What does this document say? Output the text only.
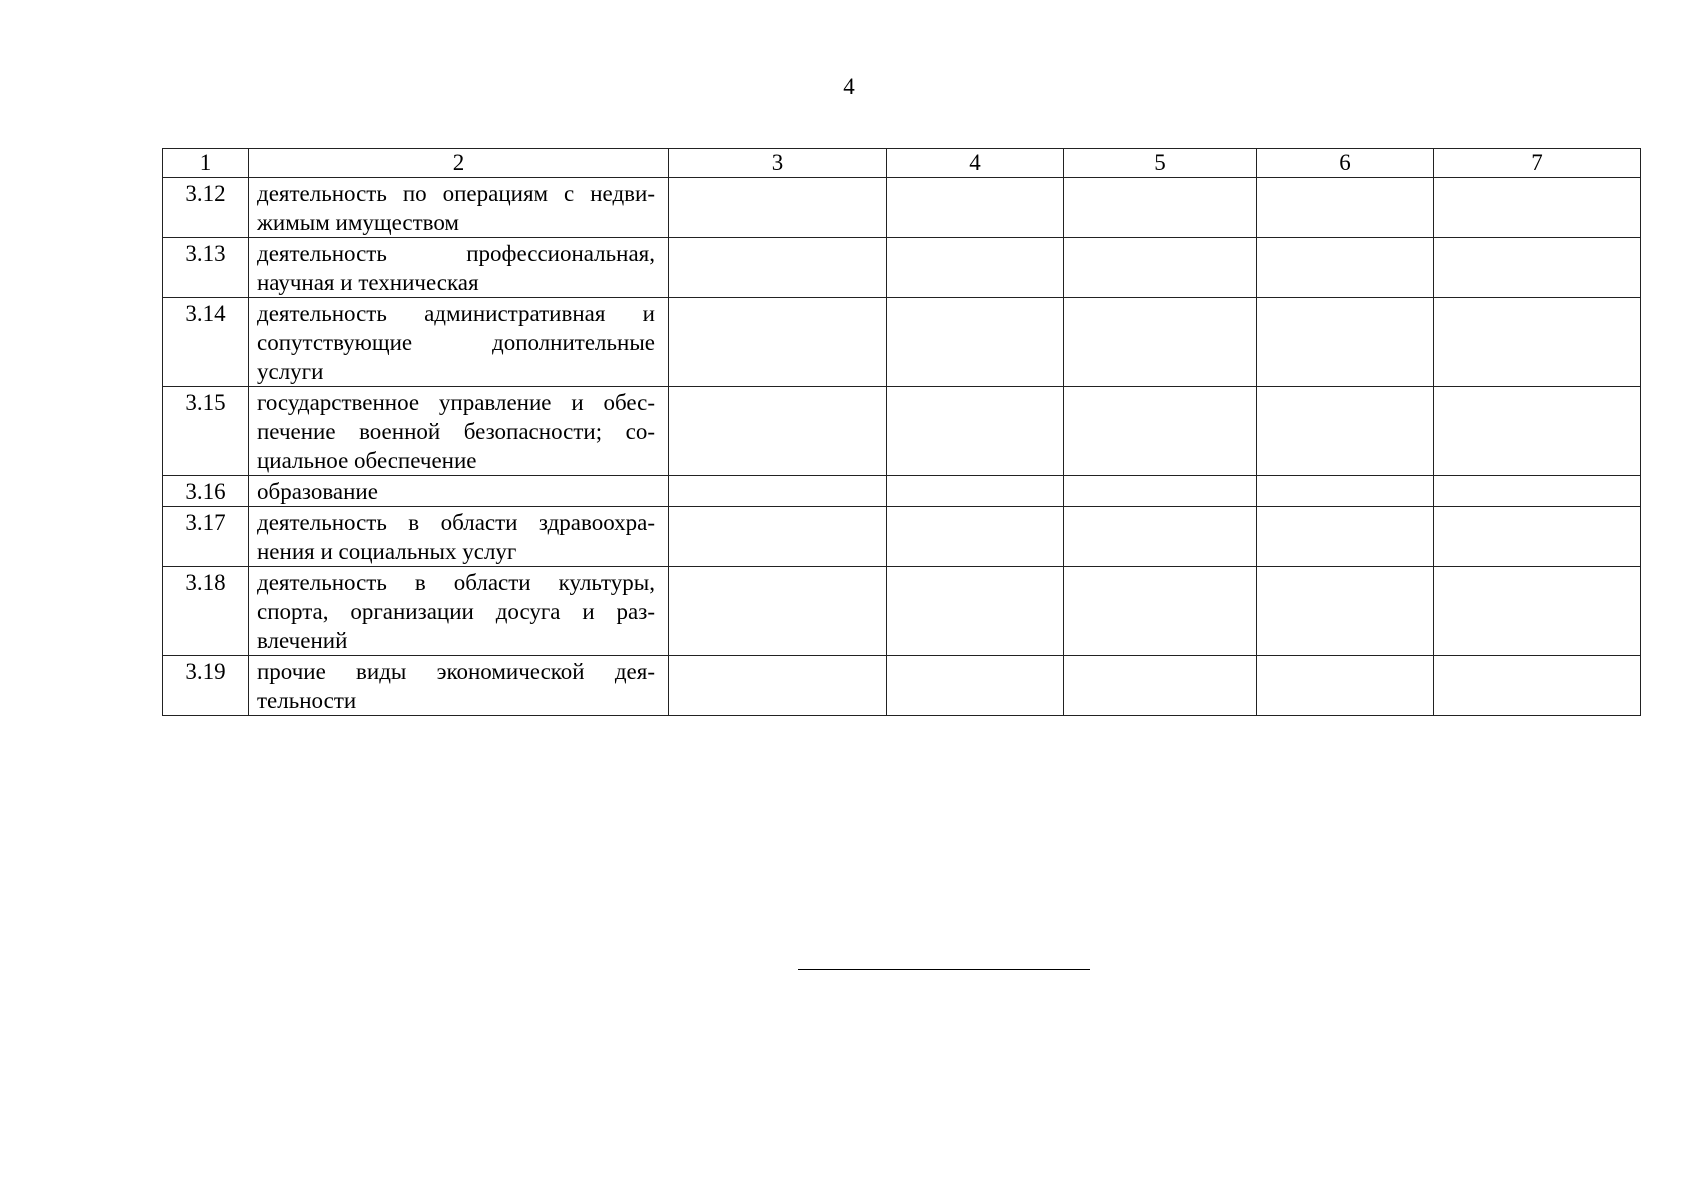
4
1	2	3	4	5	6	7
3.12	деятельность по операциям с недви-
жимым имуществом					

3.13	деятельность профессиональная,
научная и техническая					

3.14	деятельность административная и
сопутствующие дополнительные
услуги					

3.15	государственное управление и обес-
печение военной безопасности; со-
циальное обеспечение					

3.16	образование					

3.17	деятельность в области здравоохра-
нения и социальных услуг					

3.18	деятельность в области культуры,
спорта, организации досуга и раз-
влечений					

3.19	прочие виды экономической дея-
тельности					
